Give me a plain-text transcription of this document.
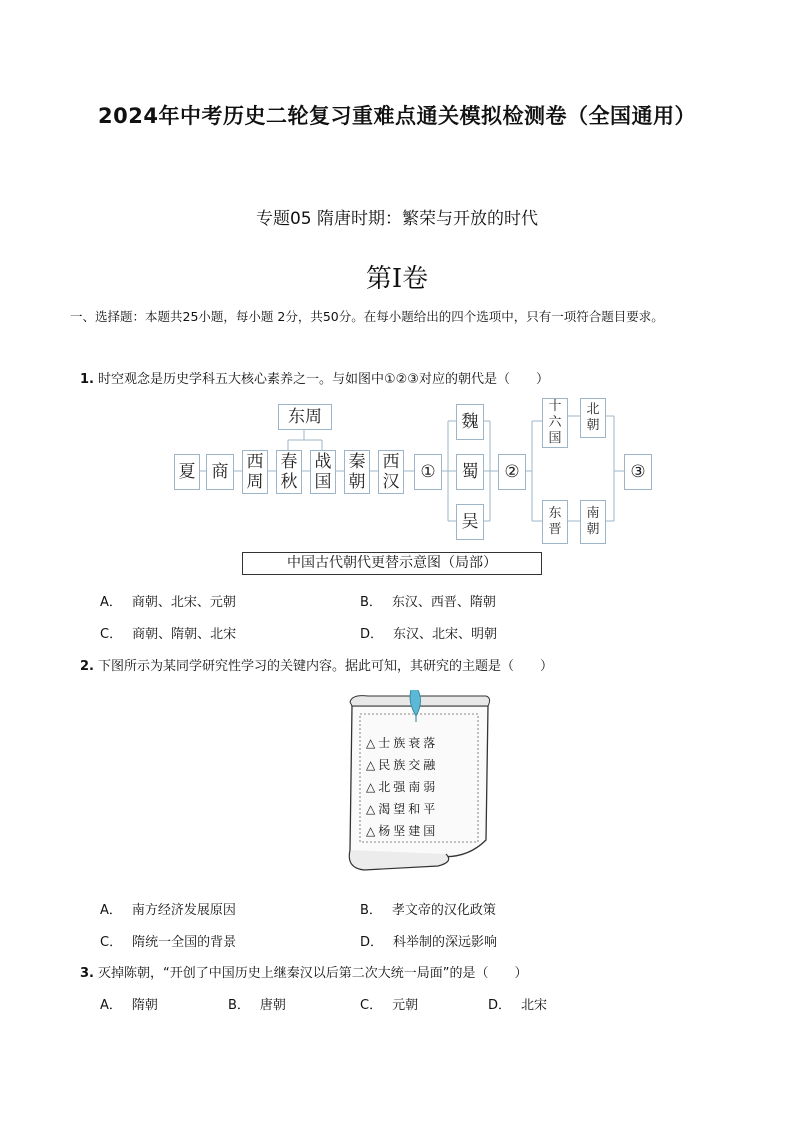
2024年中考历史二轮复习重难点通关模拟检测卷（全国通用）
专题05 隋唐时期：繁荣与开放的时代
第Ⅰ卷
一、选择题：本题共25小题，每小题 2分，共50分。在每小题给出的四个选项中，只有一项符合题目要求。
1. 时空观念是历史学科五大核心素养之一。与如图中①②③对应的朝代是（　　）
东周
夏 商	西
周
春
秋
战
国
秦
朝
西
汉	①
魏
蜀
吴
②
十
六
国
北
朝
东
晋
南
朝
③
中国古代朝代更替示意图（局部）
A． 商朝、北宋、元朝	B． 东汉、西晋、隋朝
C． 商朝、隋朝、北宋	D． 东汉、北宋、明朝
2. 下图所示为某同学研究性学习的关键内容。据此可知，其研究的主题是（　　）
△士族衰落
△民族交融
△北强南弱
△渴望和平
△杨坚建国
A． 南方经济发展原因	B． 孝文帝的汉化政策
C． 隋统一全国的背景	D． 科举制的深远影响
3. 灭掉陈朝，“开创了中国历史上继秦汉以后第二次大统一局面”的是（　　）
A． 隋朝	B． 唐朝	C． 元朝	D． 北宋
